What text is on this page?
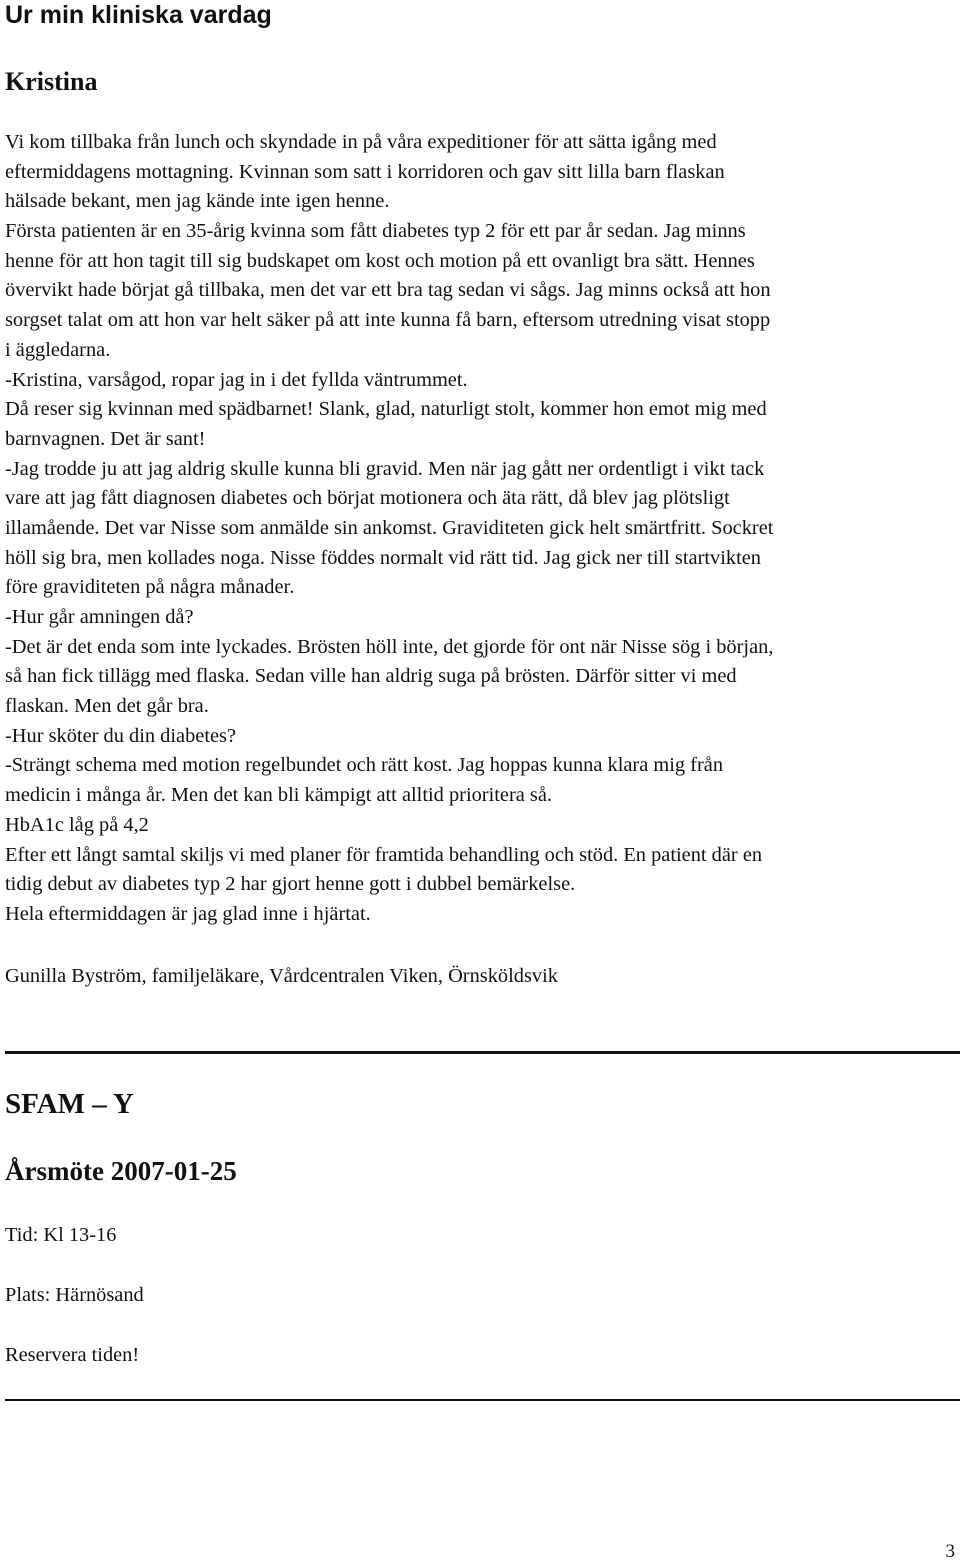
Ur min kliniska vardag
Kristina
Vi kom tillbaka från lunch och skyndade in på våra expeditioner för att sätta igång med
eftermiddagens mottagning. Kvinnan som satt i korridoren och gav sitt lilla barn flaskan
hälsade bekant, men jag kände inte igen henne.
Första patienten är en 35-årig kvinna som fått diabetes typ 2 för ett par år sedan. Jag minns
henne för att hon tagit till sig budskapet om kost och motion på ett ovanligt bra sätt. Hennes
övervikt hade börjat gå tillbaka, men det var ett bra tag sedan vi sågs. Jag minns också att hon
sorgset talat om att hon var helt säker på att inte kunna få barn, eftersom utredning visat stopp
i äggledarna.
-Kristina, varsågod, ropar jag in i det fyllda väntrummet.
Då reser sig kvinnan med spädbarnet! Slank, glad, naturligt stolt, kommer hon emot mig med
barnvagnen. Det är sant!
-Jag trodde ju att jag aldrig skulle kunna bli gravid. Men när jag gått ner ordentligt i vikt tack
vare att jag fått diagnosen diabetes och börjat motionera och äta rätt, då blev jag plötsligt
illamående. Det var Nisse som anmälde sin ankomst. Graviditeten gick helt smärtfritt. Sockret
höll sig bra, men kollades noga. Nisse föddes normalt vid rätt tid. Jag gick ner till startvikten
före graviditeten på några månader.
-Hur går amningen då?
-Det är det enda som inte lyckades. Brösten höll inte, det gjorde för ont när Nisse sög i början,
så han fick tillägg med flaska. Sedan ville han aldrig suga på brösten. Därför sitter vi med
flaskan. Men det går bra.
-Hur sköter du din diabetes?
-Strängt schema med motion regelbundet och rätt kost. Jag hoppas kunna klara mig från
medicin i många år. Men det kan bli kämpigt att alltid prioritera så.
HbA1c låg på 4,2
Efter ett långt samtal skiljs vi med planer för framtida behandling och stöd. En patient där en
tidig debut av diabetes typ 2 har gjort henne gott i dubbel bemärkelse.
Hela eftermiddagen är jag glad inne i hjärtat.
Gunilla Byström, familjeläkare, Vårdcentralen Viken, Örnsköldsvik
SFAM – Y
Årsmöte 2007-01-25
Tid: Kl 13-16
Plats: Härnösand
Reservera tiden!
3
